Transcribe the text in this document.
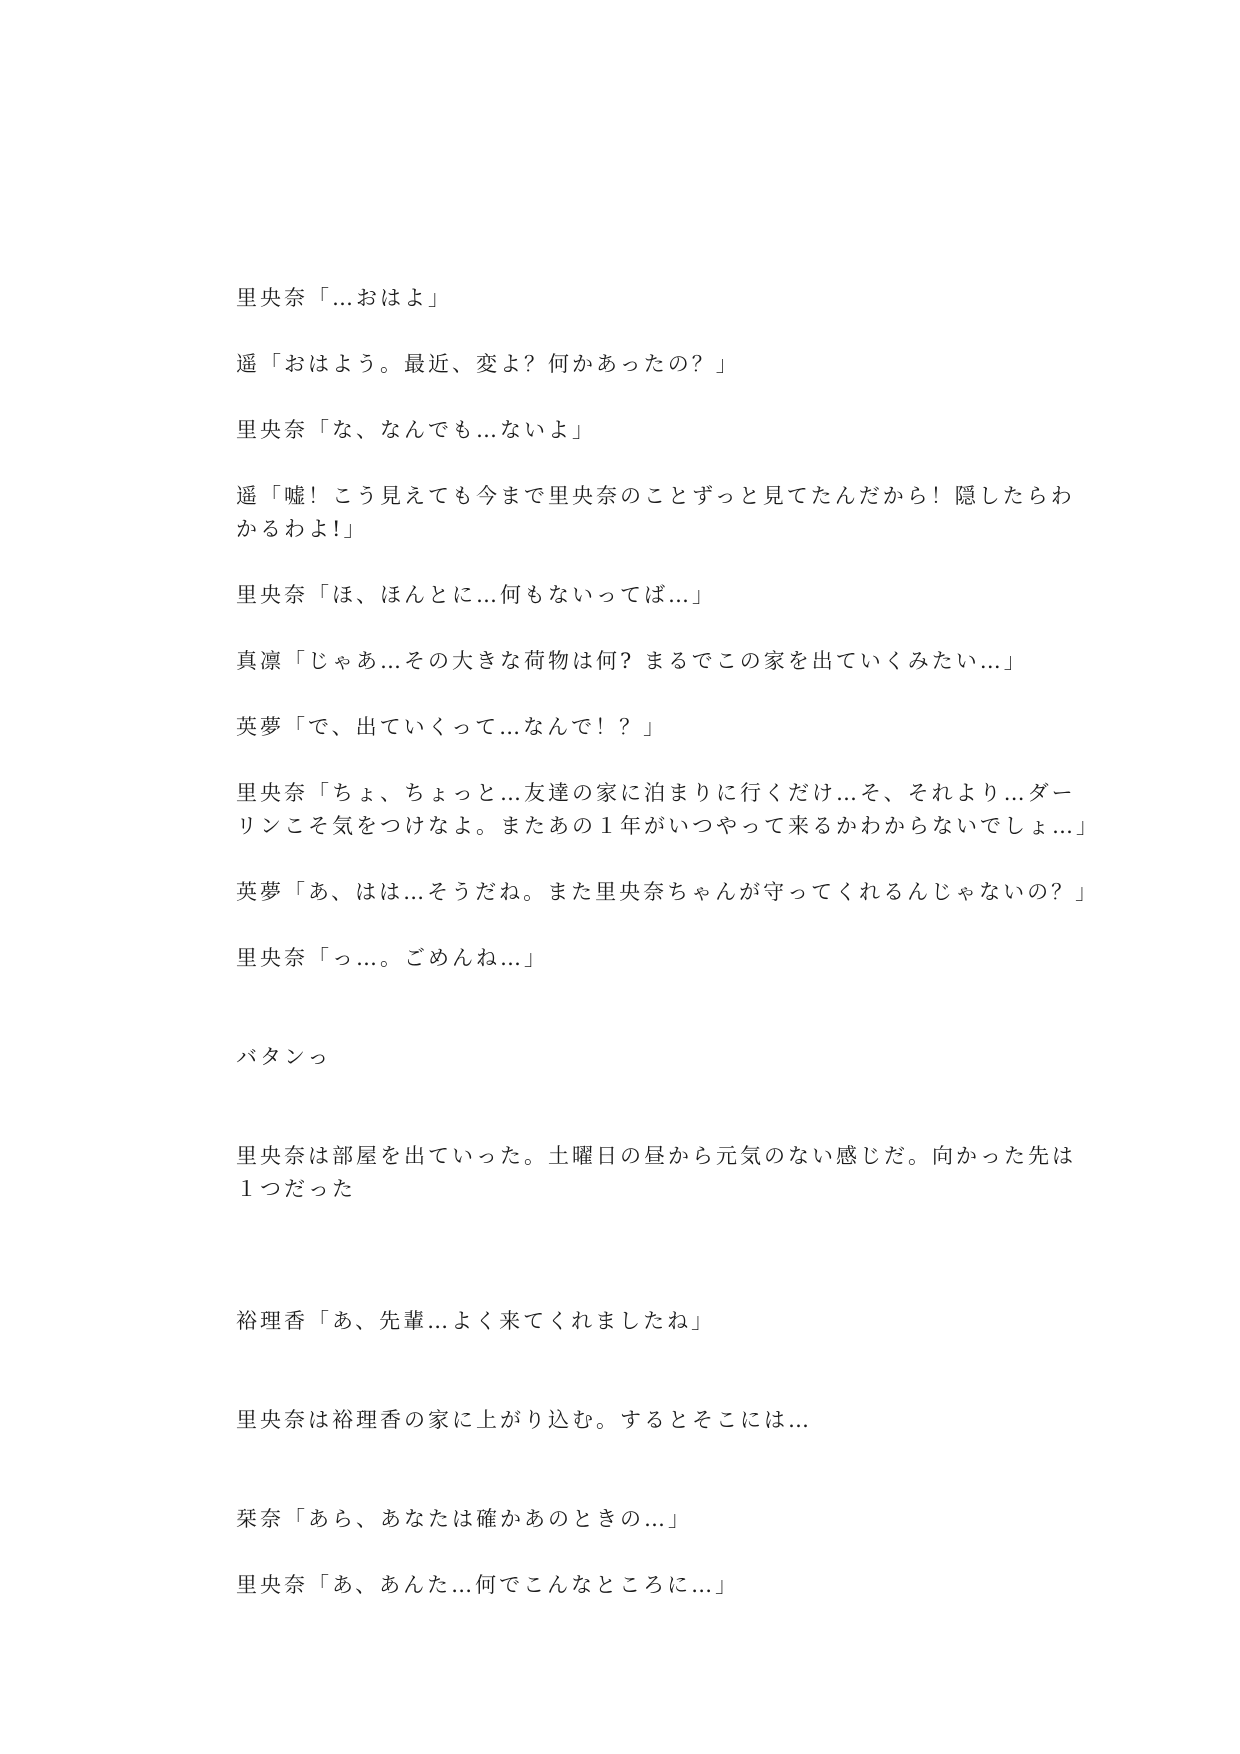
里央奈「…おはよ」

遥「おはよう。最近、変よ？何かあったの？」

里央奈「な、なんでも…ないよ」

遥「嘘！こう見えても今まで里央奈のことずっと見てたんだから！隠したらわ

かるわよ!」

里央奈「ほ、ほんとに…何もないってば…」

真凛「じゃあ…その大きな荷物は何? まるでこの家を出ていくみたい…」

英夢「で、出ていくって…なんで！？」

里央奈「ちょ、ちょっと…友達の家に泊まりに行くだけ…そ、それより…ダー

リンこそ気をつけなよ。またあの１年がいつやって来るかわからないでしょ…」

英夢「あ、はは…そうだね。また里央奈ちゃんが守ってくれるんじゃないの？」

里央奈「っ…。ごめんね…」

バタンっ

里央奈は部屋を出ていった。土曜日の昼から元気のない感じだ。向かった先は

１つだった

裕理香「あ、先輩…よく来てくれましたね」

里央奈は裕理香の家に上がり込む。するとそこには…

栞奈「あら、あなたは確かあのときの…」

里央奈「あ、あんた…何でこんなところに…」
